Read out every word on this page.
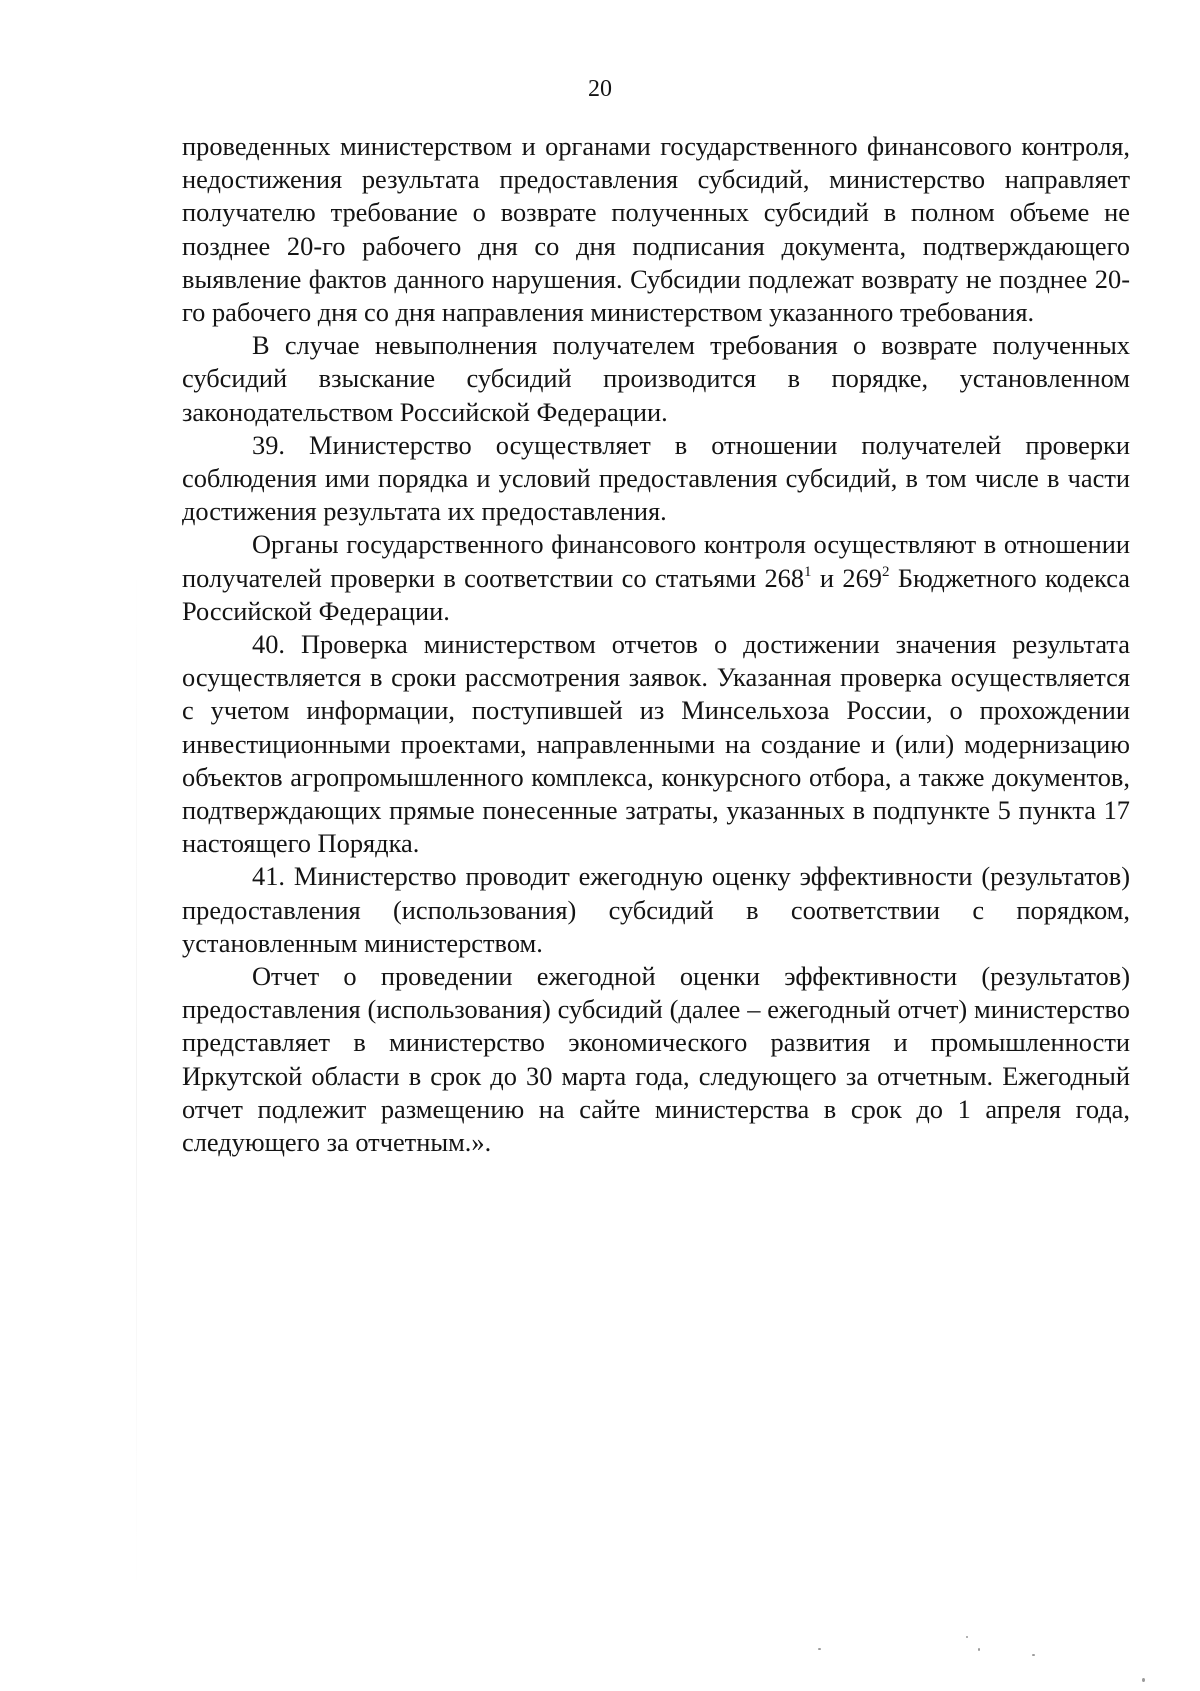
20

проведенных министерством и органами государственного финансового контроля, недостижения результата предоставления субсидий, министерство направляет получателю требование о возврате полученных субсидий в полном объеме не позднее 20-го рабочего дня со дня подписания документа, подтверждающего выявление фактов данного нарушения. Субсидии подлежат возврату не позднее 20-го рабочего дня со дня направления министерством указанного требования.

В случае невыполнения получателем требования о возврате полученных субсидий взыскание субсидий производится в порядке, установленном законодательством Российской Федерации.

39. Министерство осуществляет в отношении получателей проверки соблюдения ими порядка и условий предоставления субсидий, в том числе в части достижения результата их предоставления.

Органы государственного финансового контроля осуществляют в отношении получателей проверки в соответствии со статьями $268^1$ и $269^2$ Бюджетного кодекса Российской Федерации.

40. Проверка министерством отчетов о достижении значения результата осуществляется в сроки рассмотрения заявок. Указанная проверка осуществляется с учетом информации, поступившей из Минсельхоза России, о прохождении инвестиционными проектами, направленными на создание и (или) модернизацию объектов агропромышленного комплекса, конкурсного отбора, а также документов, подтверждающих прямые понесенные затраты, указанных в подпункте 5 пункта 17 настоящего Порядка.

41. Министерство проводит ежегодную оценку эффективности (результатов) предоставления (использования) субсидий в соответствии с порядком, установленным министерством.

Отчет о проведении ежегодной оценки эффективности (результатов) предоставления (использования) субсидий (далее – ежегодный отчет) министерство представляет в министерство экономического развития и промышленности Иркутской области в срок до 30 марта года, следующего за отчетным. Ежегодный отчет подлежит размещению на сайте министерства в срок до 1 апреля года, следующего за отчетным.».
